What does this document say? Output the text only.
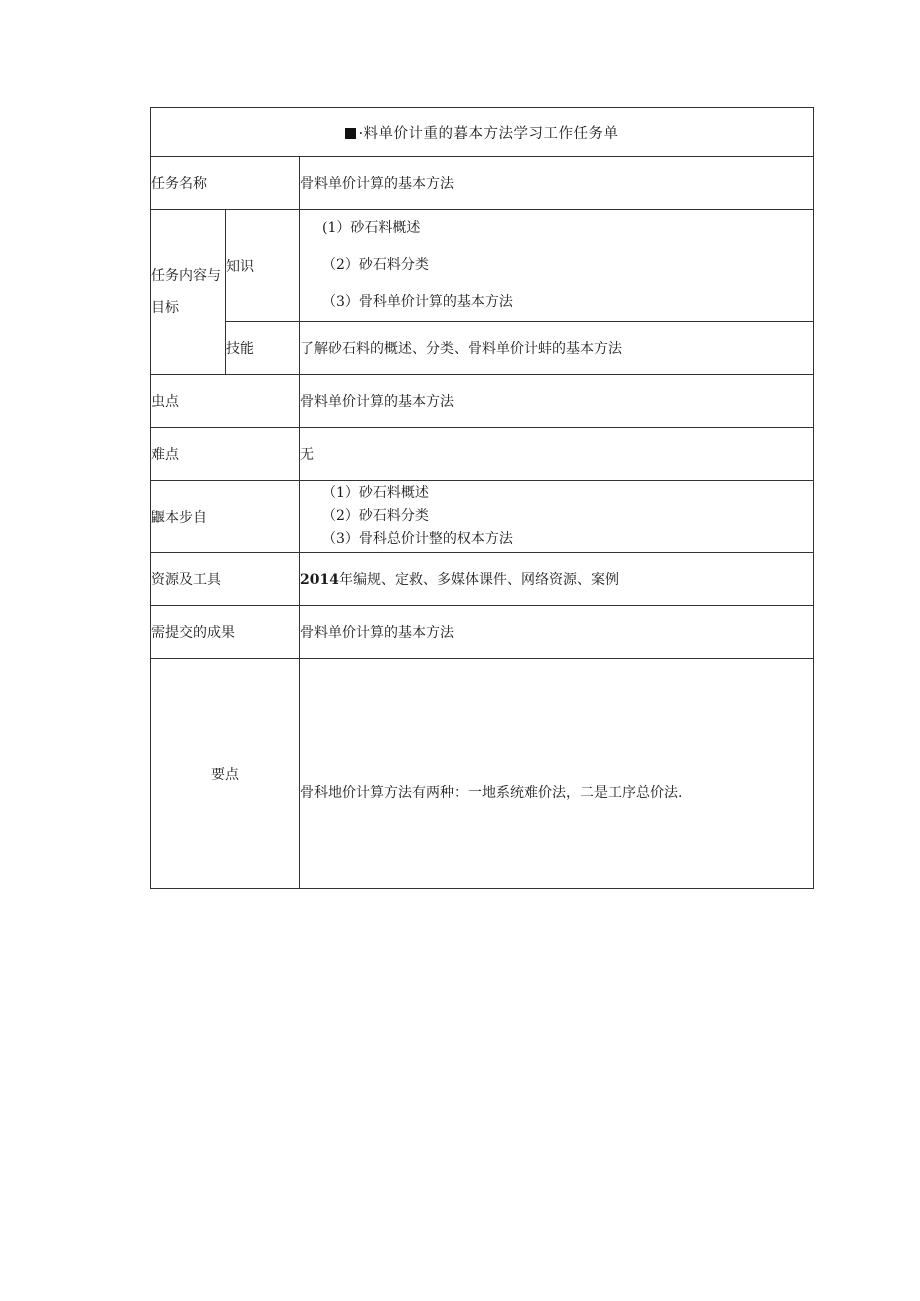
·料单价计重的暮本方法学习工作任务单		
任务名称		骨料单价计算的基本方法
任务内容与目标	知识	(1）砂石料概述
（2）砂石料分类
（3）骨科单价计算的基本方法

	技能	了解砂石料的概述、分类、骨料单价计蚌的基本方法
虫点		骨料单价计算的基本方法
难点		无
鼴本步自		（1）砂石料概述
（2）砂石料分类
（3）骨科总价计整的权本方法

资源及工具		2014年编规、定救、多媒体课件、网络资源、案例
需提交的成果		骨料单价计算的基本方法
要点		骨科地价计算方法有两种：一地系统难价法，二是工序总价法.
